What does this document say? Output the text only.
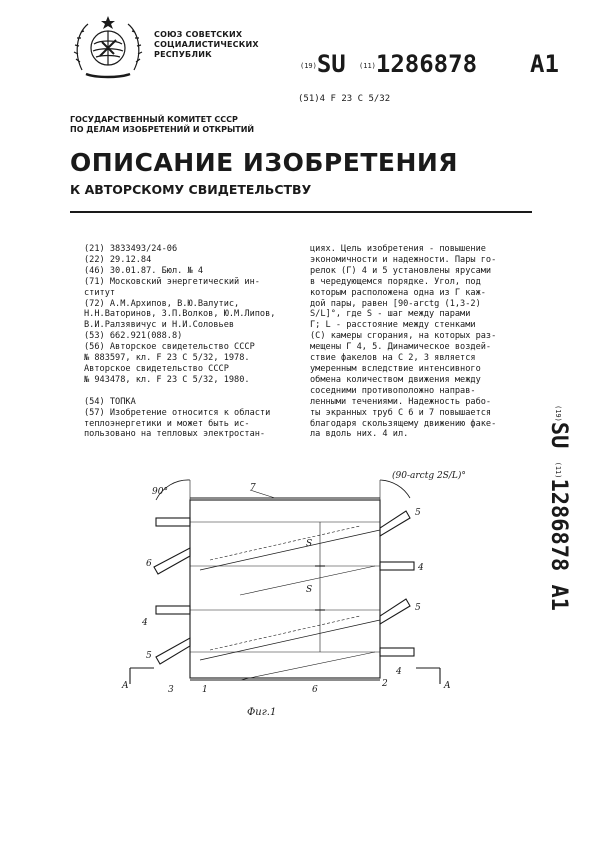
СОЮЗ СОВЕТСКИХ
СОЦИАЛИСТИЧЕСКИХ
РЕСПУБЛИК
(19)SU (11)1286878 A1
(51)4 F 23 C 5/32
ГОСУДАРСТВЕННЫЙ КОМИТЕТ СССР
ПО ДЕЛАМ ИЗОБРЕТЕНИЙ И ОТКРЫТИЙ
ОПИСАНИЕ ИЗОБРЕТЕНИЯ
К АВТОРСКОМУ СВИДЕТЕЛЬСТВУ
(21) 3833493/24-06
(22) 29.12.84
(46) 30.01.87. Бюл. № 4
(71) Московский энергетический ин-
ститут
(72) А.М.Архипов, В.Ю.Валутис,
Н.Н.Ваторинов, З.П.Волков, Ю.М.Липов,
В.И.Ралзявичус и Н.И.Соловьев
(53) 662.921(088.8)
(56) Авторское свидетельство СССР
№ 883597, кл. F 23 C 5/32, 1978.
Авторское свидетельство СССР
№ 943478, кл. F 23 C 5/32, 1980.

(54) ТОПКА
(57) Изобретение относится к области
теплоэнергетики и может быть ис-
пользовано на тепловых электростан-
циях. Цель изобретения - повышение
экономичности и надежности. Пары го-
релок (Г) 4 и 5 установлены ярусами
в чередующемся порядке. Угол, под
которым расположена одна из Г каж-
дой пары, равен [90-arctg (1,3-2)
S/L]°, где S - шаг между парами
Г; L - расстояние между стенками
(С) камеры сгорания, на которых раз-
мещены Г 4, 5. Динамическое воздей-
ствие факелов на С 2, 3 является
умеренным вследствие интенсивного
обмена количеством движения между
соседними противоположно направ-
ленными течениями. Надежность рабо-
ты экранных труб С 6 и 7 повышается
благодаря скользящему движению факе-
ла вдоль них. 4 ил.
(19)SU (11)1286878 A1
90°
(90-arctg 2S/L)°
7
5
6	4
4
5
5
S
S
4
A	A
3	1	6
2
Фиг.1
